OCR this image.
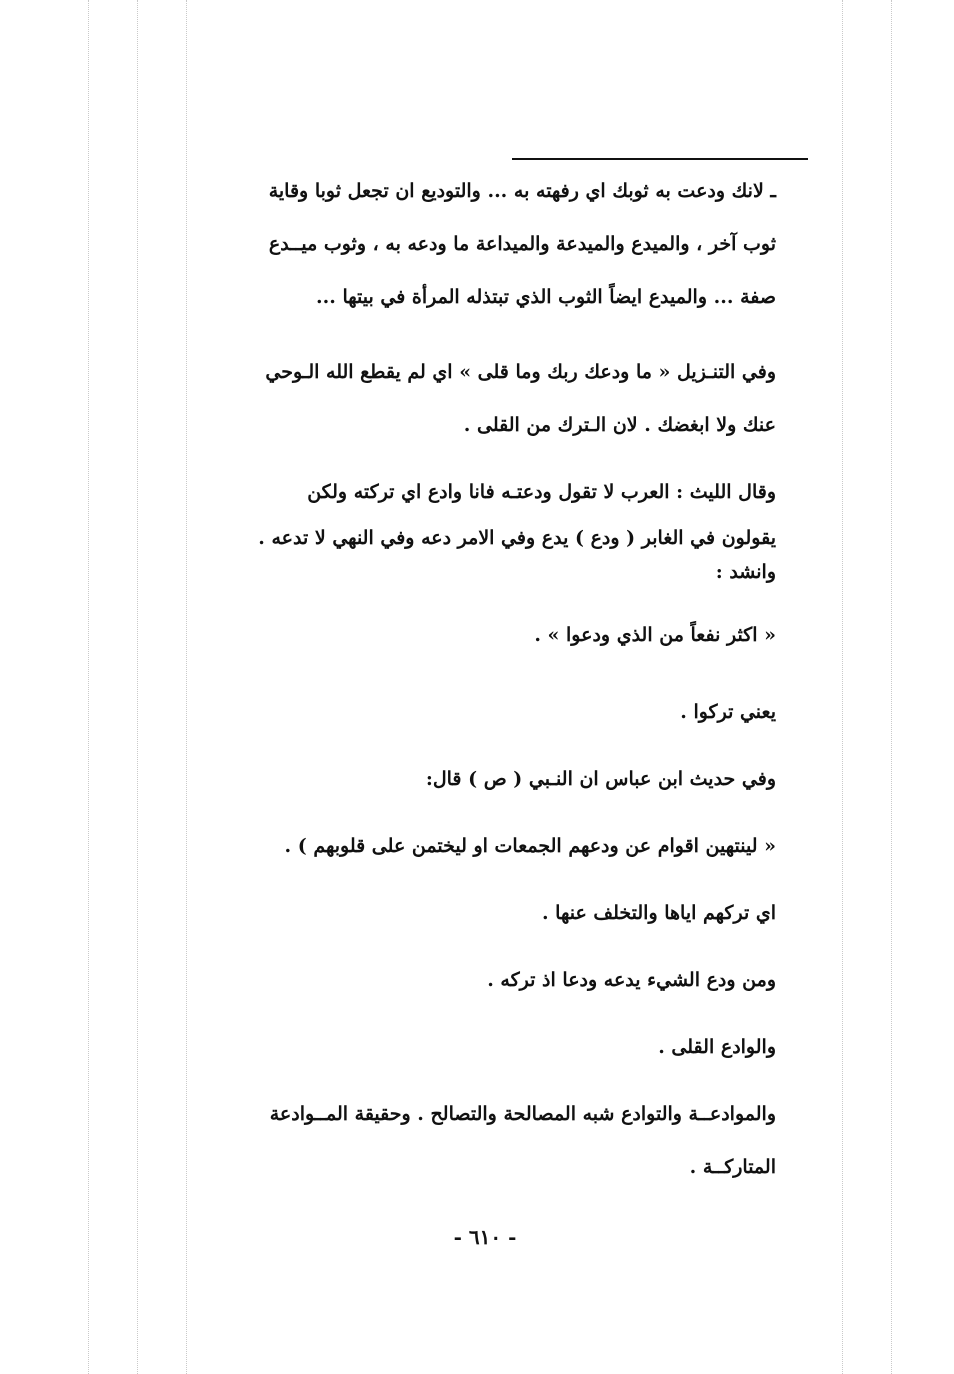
ـ لانك ودعت به ثوبك اي رفهته به ... والتوديع ان تجعل ثوبا وقاية

ثوب آخر ، والميدع والميدعة والميداعة ما ودعه به ، وثوب ميــدع

صفة ... والميدع ايضاً الثوب الذي تبتذله المرأة في بيتها ...

وفي التنـزيل « ما ودعك ربك وما قلى » اي لم يقطع الله الـوحي

عنك ولا ابغضك . لان الـترك من القلى .

وقال الليث : العرب لا تقول ودعتـه فانا وادع اي تركته ولكن

يقولون في الغابر ( ودع ) يدع وفي الامر دعه وفي النهي لا تدعه .

وانشد :

« اكثر نفعاً من الذي ودعوا » .

يعني تركوا .

وفي حديث ابن عباس ان النـبي ( ص ) قال:

« لينتهين اقوام عن ودعهم الجمعات او ليختمن على قلوبهم ) .

اي تركهم اياها والتخلف عنها .

ومن ودع الشيء يدعه ودعا اذ تركه .

والوادع القلى .

والموادعــة والتوادع شبه المصالحة والتصالح . وحقيقة المــوادعة

المتاركــة .

- ٦١٠ -
